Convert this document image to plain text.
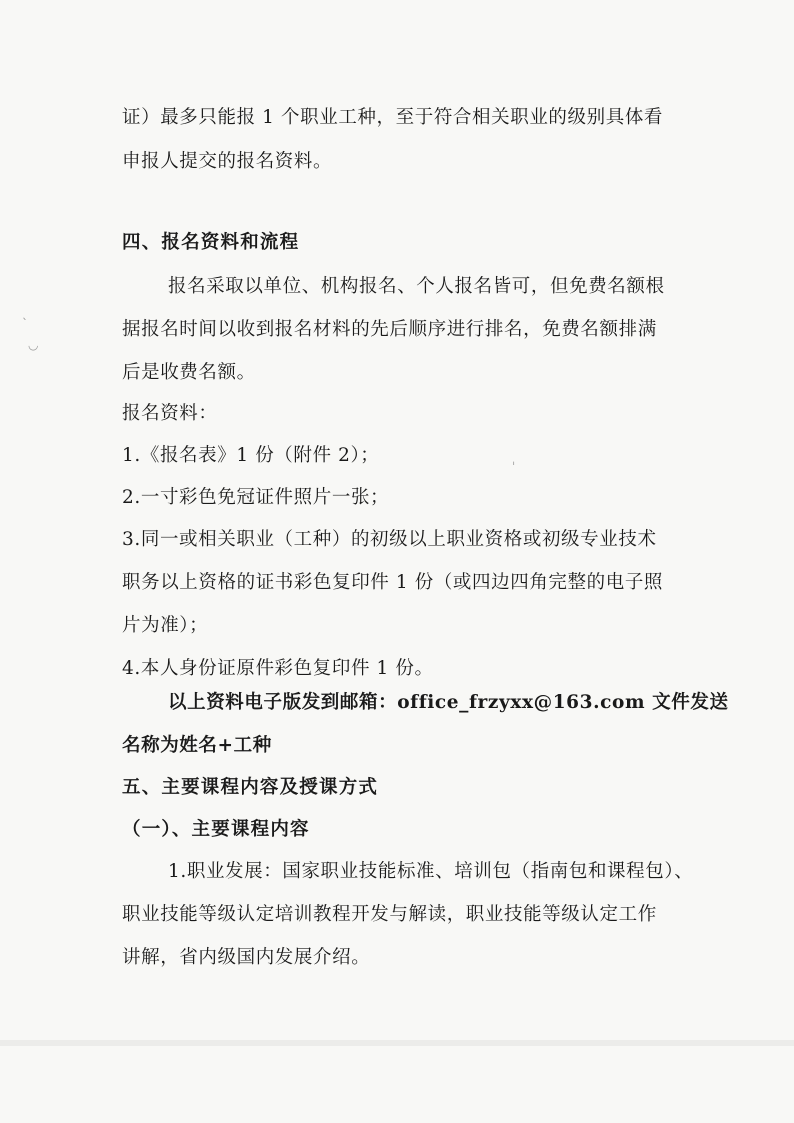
ˎ
◡
ˌ
证）最多只能报 1 个职业工种，至于符合相关职业的级别具体看
申报人提交的报名资料。
四、报名资料和流程
报名采取以单位、机构报名、个人报名皆可，但免费名额根
据报名时间以收到报名材料的先后顺序进行排名，免费名额排满
后是收费名额。
报名资料：
1.《报名表》1 份（附件 2）；
2.一寸彩色免冠证件照片一张；
3.同一或相关职业（工种）的初级以上职业资格或初级专业技术
职务以上资格的证书彩色复印件 1 份（或四边四角完整的电子照
片为准）；
4.本人身份证原件彩色复印件 1 份。
以上资料电子版发到邮箱：office_frzyxx@163.com 文件发送
名称为姓名+工种
五、主要课程内容及授课方式
（一）、主要课程内容
1.职业发展：国家职业技能标准、培训包（指南包和课程包）、
职业技能等级认定培训教程开发与解读，职业技能等级认定工作
讲解，省内级国内发展介绍。
